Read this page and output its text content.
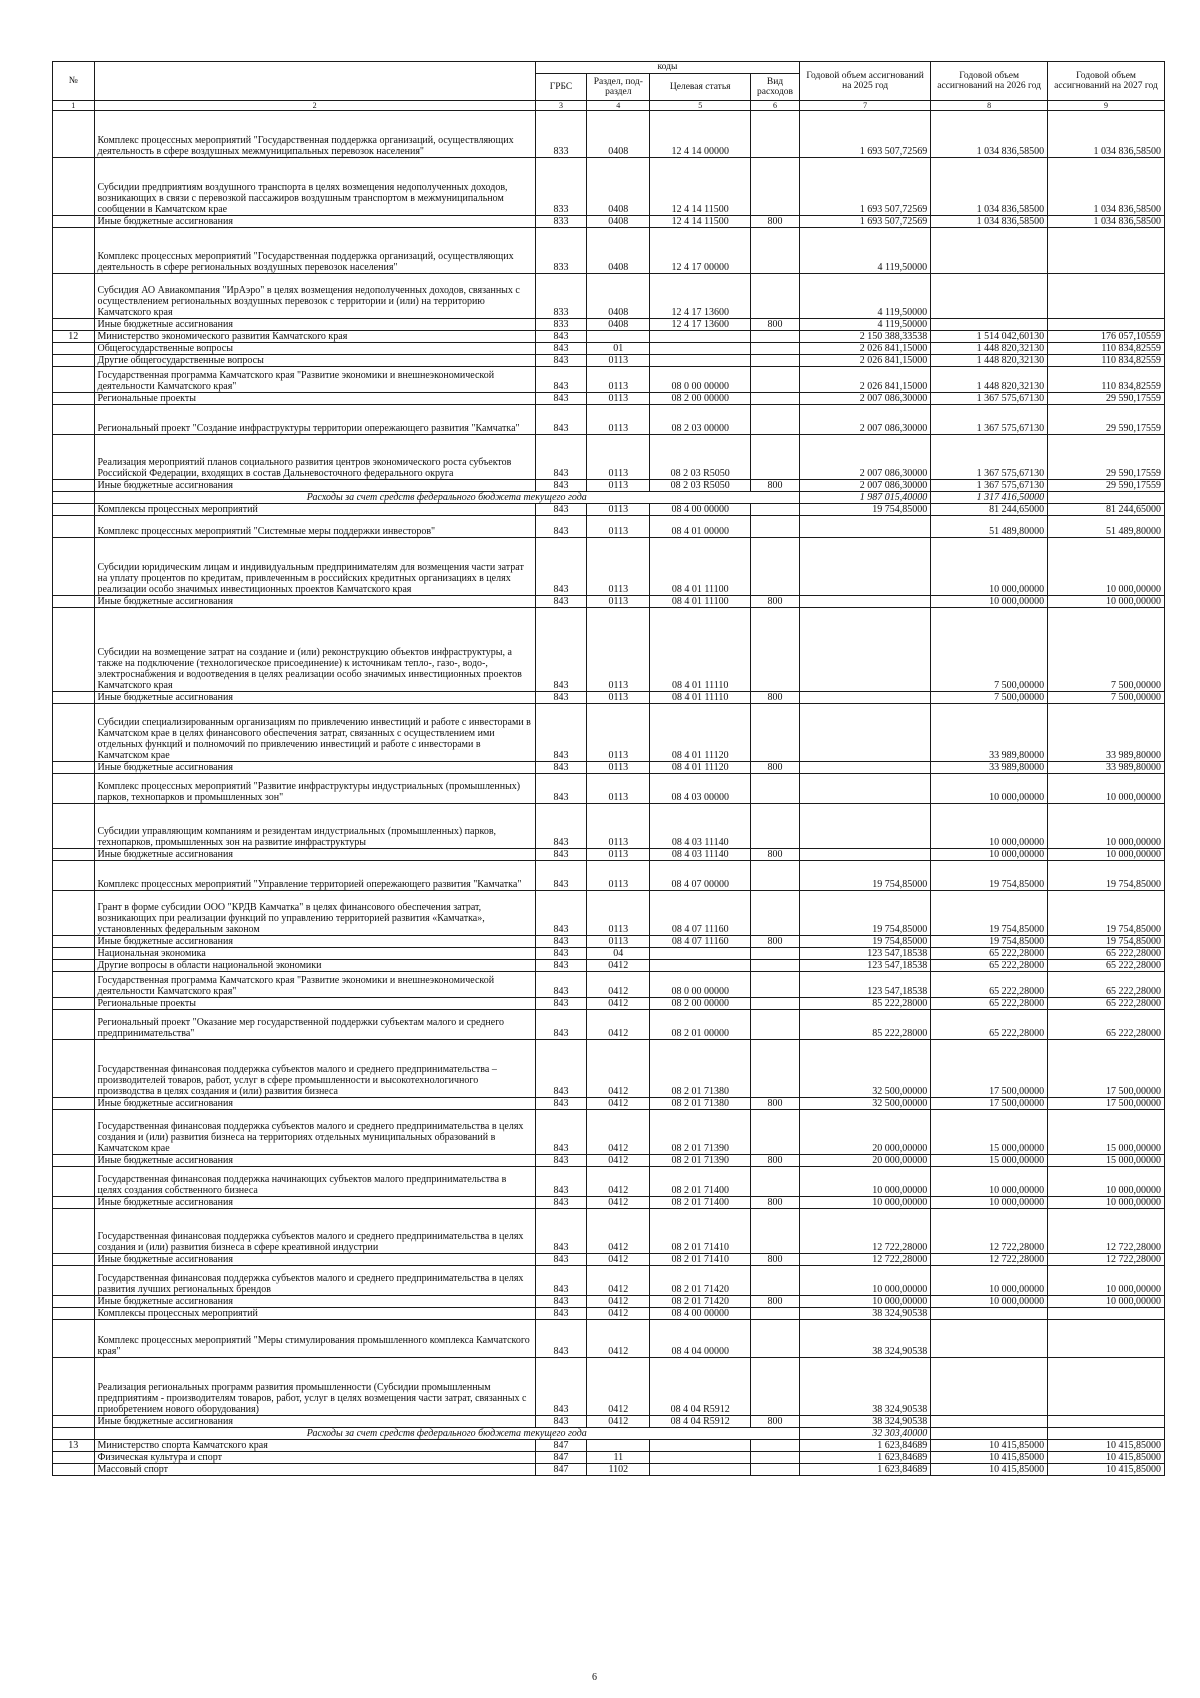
№		коды				Годовой объем ассигнований на 2025 год	Годовой объем ассигнований на 2026 год	Годовой объем ассигнований на 2027 год
		ГРБС	Раздел, под-раздел	Целевая статья	Вид расходов			
1	2	3	4	5	6	7	8	9
	Комплекс процессных мероприятий "Государственная поддержка организаций, осуществляющих деятельность в сфере воздушных межмуниципальных перевозок населения"	833	0408	12 4 14 00000		1 693 507,72569	1 034 836,58500	1 034 836,58500
	Субсидии предприятиям воздушного транспорта в целях возмещения недополученных доходов, возникающих в связи с перевозкой пассажиров воздушным транспортом в межмуниципальном сообщении в Камчатском крае	833	0408	12 4 14 11500		1 693 507,72569	1 034 836,58500	1 034 836,58500
	Иные бюджетные ассигнования	833	0408	12 4 14 11500	800	1 693 507,72569	1 034 836,58500	1 034 836,58500
	Комплекс процессных мероприятий "Государственная поддержка организаций, осуществляющих деятельность в сфере региональных воздушных перевозок населения"	833	0408	12 4 17 00000		4 119,50000		
	Субсидия АО Авиакомпания "ИрАэро" в целях возмещения недополученных доходов, связанных с осуществлением региональных воздушных перевозок с территории и (или) на территорию Камчатского края	833	0408	12 4 17 13600		4 119,50000		
	Иные бюджетные ассигнования	833	0408	12 4 17 13600	800	4 119,50000		
12	Министерство экономического развития Камчатского края	843				2 150 388,33538	1 514 042,60130	176 057,10559
	Общегосударственные вопросы	843	01			2 026 841,15000	1 448 820,32130	110 834,82559
	Другие общегосударственные вопросы	843	0113			2 026 841,15000	1 448 820,32130	110 834,82559
	Государственная программа Камчатского края "Развитие экономики и внешнеэкономической деятельности Камчатского края"	843	0113	08 0 00 00000		2 026 841,15000	1 448 820,32130	110 834,82559
	Региональные проекты	843	0113	08 2 00 00000		2 007 086,30000	1 367 575,67130	29 590,17559
	Региональный проект "Создание инфраструктуры территории опережающего развития "Камчатка"	843	0113	08 2 03 00000		2 007 086,30000	1 367 575,67130	29 590,17559
	Реализация мероприятий планов социального развития центров экономического роста субъектов Российской Федерации, входящих в состав Дальневосточного федерального округа	843	0113	08 2 03 R5050		2 007 086,30000	1 367 575,67130	29 590,17559
	Иные бюджетные ассигнования	843	0113	08 2 03 R5050	800	2 007 086,30000	1 367 575,67130	29 590,17559
	Расходы за счет средств федерального бюджета текущего года					1 987 015,40000	1 317 416,50000	
	Комплексы процессных мероприятий	843	0113	08 4 00 00000		19 754,85000	81 244,65000	81 244,65000
	Комплекс процессных мероприятий "Системные меры поддержки инвесторов"	843	0113	08 4 01 00000			51 489,80000	51 489,80000
	Субсидии юридическим лицам и индивидуальным предпринимателям для возмещения части затрат на уплату процентов по кредитам, привлеченным в российских кредитных организациях в целях реализации особо значимых инвестиционных проектов Камчатского края	843	0113	08 4 01 11100			10 000,00000	10 000,00000
	Иные бюджетные ассигнования	843	0113	08 4 01 11100	800		10 000,00000	10 000,00000
	Субсидии на возмещение затрат на создание и (или) реконструкцию объектов инфраструктуры, а также на подключение (технологическое присоединение) к источникам тепло-, газо-, водо-, электроснабжения и водоотведения в целях реализации особо значимых инвестиционных проектов Камчатского края	843	0113	08 4 01 11110			7 500,00000	7 500,00000
	Иные бюджетные ассигнования	843	0113	08 4 01 11110	800		7 500,00000	7 500,00000
	Субсидии специализированным организациям по привлечению инвестиций и работе с инвесторами в Камчатском крае в целях финансового обеспечения затрат, связанных с осуществлением ими отдельных функций и полномочий по привлечению инвестиций и работе с инвесторами в Камчатском крае	843	0113	08 4 01 11120			33 989,80000	33 989,80000
	Иные бюджетные ассигнования	843	0113	08 4 01 11120	800		33 989,80000	33 989,80000
	Комплекс процессных мероприятий "Развитие инфраструктуры индустриальных (промышленных) парков, технопарков и промышленных зон"	843	0113	08 4 03 00000			10 000,00000	10 000,00000
	Субсидии управляющим компаниям и резидентам индустриальных (промышленных) парков, технопарков, промышленных зон на развитие инфраструктуры	843	0113	08 4 03 11140			10 000,00000	10 000,00000
	Иные бюджетные ассигнования	843	0113	08 4 03 11140	800		10 000,00000	10 000,00000
	Комплекс процессных мероприятий "Управление территорией опережающего развития "Камчатка"	843	0113	08 4 07 00000		19 754,85000	19 754,85000	19 754,85000
	Грант в форме субсидии ООО "КРДВ Камчатка" в целях финансового обеспечения затрат, возникающих при реализации функций по управлению территорией развития «Камчатка», установленных федеральным законом	843	0113	08 4 07 11160		19 754,85000	19 754,85000	19 754,85000
	Иные бюджетные ассигнования	843	0113	08 4 07 11160	800	19 754,85000	19 754,85000	19 754,85000
	Национальная экономика	843	04			123 547,18538	65 222,28000	65 222,28000
	Другие вопросы в области национальной экономики	843	0412			123 547,18538	65 222,28000	65 222,28000
	Государственная программа Камчатского края "Развитие экономики и внешнеэкономической деятельности Камчатского края"	843	0412	08 0 00 00000		123 547,18538	65 222,28000	65 222,28000
	Региональные проекты	843	0412	08 2 00 00000		85 222,28000	65 222,28000	65 222,28000
	Региональный проект "Оказание мер государственной поддержки субъектам малого и среднего предпринимательства"	843	0412	08 2 01 00000		85 222,28000	65 222,28000	65 222,28000
	Государственная финансовая поддержка субъектов малого и среднего предпринимательства – производителей товаров, работ, услуг в сфере промышленности и высокотехнологичного производства в целях создания и (или) развития бизнеса	843	0412	08 2 01 71380		32 500,00000	17 500,00000	17 500,00000
	Иные бюджетные ассигнования	843	0412	08 2 01 71380	800	32 500,00000	17 500,00000	17 500,00000
	Государственная финансовая поддержка субъектов малого и среднего предпринимательства в целях создания и (или) развития бизнеса на территориях отдельных муниципальных образований в Камчатском крае	843	0412	08 2 01 71390		20 000,00000	15 000,00000	15 000,00000
	Иные бюджетные ассигнования	843	0412	08 2 01 71390	800	20 000,00000	15 000,00000	15 000,00000
	Государственная финансовая поддержка начинающих субъектов малого предпринимательства в целях создания собственного бизнеса	843	0412	08 2 01 71400		10 000,00000	10 000,00000	10 000,00000
	Иные бюджетные ассигнования	843	0412	08 2 01 71400	800	10 000,00000	10 000,00000	10 000,00000
	Государственная финансовая поддержка субъектов малого и среднего предпринимательства в целях создания и (или) развития бизнеса в сфере креативной индустрии	843	0412	08 2 01 71410		12 722,28000	12 722,28000	12 722,28000
	Иные бюджетные ассигнования	843	0412	08 2 01 71410	800	12 722,28000	12 722,28000	12 722,28000
	Государственная финансовая поддержка субъектов малого и среднего предпринимательства в целях развития лучших региональных брендов	843	0412	08 2 01 71420		10 000,00000	10 000,00000	10 000,00000
	Иные бюджетные ассигнования	843	0412	08 2 01 71420	800	10 000,00000	10 000,00000	10 000,00000
	Комплексы процессных мероприятий	843	0412	08 4 00 00000		38 324,90538		
	Комплекс процессных мероприятий "Меры стимулирования промышленного комплекса Камчатского края"	843	0412	08 4 04 00000		38 324,90538		
	Реализация региональных программ развития промышленности (Субсидии промышленным предприятиям - производителям товаров, работ, услуг в целях возмещения части затрат, связанных с приобретением нового оборудования)	843	0412	08 4 04 R5912		38 324,90538		
	Иные бюджетные ассигнования	843	0412	08 4 04 R5912	800	38 324,90538		
	Расходы за счет средств федерального бюджета текущего года					32 303,40000		
13	Министерство спорта Камчатского края	847				1 623,84689	10 415,85000	10 415,85000
	Физическая культура и спорт	847	11			1 623,84689	10 415,85000	10 415,85000
	Массовый спорт	847	1102			1 623,84689	10 415,85000	10 415,85000
6
